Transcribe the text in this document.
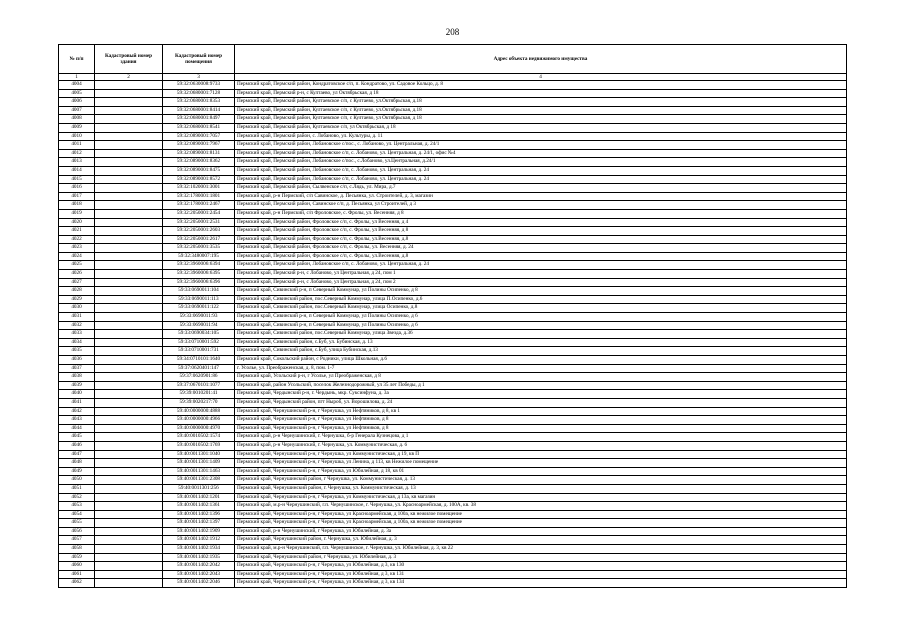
208
№ п/п	Кадастровый номер здания	Кадастровый номер помещения	Адрес объекта недвижимого имущества
1	2	3	4
4004		59:32:0630008:9733	Пермский край, Пермский район, Кондратовское с/п, п. Кондратово, ул. Садовое Кольцо, д. 8
4005		59:32:0680001:7128	Пермский край, Пермский р-н, с Култаево, ул Октябрьская, д 18
4006		59:32:0680001:8353	Пермский край, Пермский район, Култаевское с/п, с Култаево, ул.Октябрьская, д.18
4007		59:32:0680001:8414	Пермский край, Пермский район, Култаевское с/п, с Култаево, ул.Октябрьская, д.18
4008		59:32:0680001:8497	Пермский край, Пермский район, Култаевское с/п, с Култаево, ул Октябрьская, д 18
4009		59:32:0680001:8541	Пермский край, Пермский район, Култаевское с/п, ул Октябрьская, д 18
4010		59:32:0890001:7057	Пермский край, Пермский район, с. Лобаново, ул. Культуры, д. 11
4011		59:32:0890001:7967	Пермский край, Пермский район, Лобановское с/пос., с. Лобаново, ул. Центральная, д. 24/1
4012		59:32:0890001:8131	Пермский край, Пермский район, Лобановское с/п, с. Лобаново, ул. Центральная, д. 24/1, офис №4
4013		59:32:0890001:8362	Пермский край, Пермский район, Лобановское с/пос., с.Лобаново, ул.Центральная, д.24/1
4014		59:32:0890001:8475	Пермский край, Пермский район, Лобановское с/п, с. Лобаново, ул. Центральная, д. 24
4015		59:32:0890001:8572	Пермский край, Пермский район, Лобановское с/п, с. Лобаново, ул. Центральная, д. 24
4016		59:32:1020001:3001	Пермский край, Пермский район, Сылвенское с/п, с.Лядь, ул. Мира, д.7
4017		59:32:1780001:1801	Пермский край, р-н Пермский, с/п Савинское, д. Песьянка, ул. Строителей, д. 3, магазин
4018		59:32:1780001:2467	Пермский край, Пермский район, Савинское с/п, д. Песьянка, ул Строителей, д 3
4019		59:32:2050001:2454	Пермский край, р-н Пермский, с/п Фроловское, с. Фролы, ул. Весенняя, д 8
4020		59:32:2050001:2531	Пермский край, Пермский район, Фроловское с/п, с. Фролы, ул Весенняя, д 4
4021		59:32:2050001:2603	Пермский край, Пермский район, Фроловское с/п, с. Фролы, ул Весенняя, д 8
4022		59:32:2050001:2617	Пермский край, Пермский район, Фроловское с/п, с. Фролы, ул.Весенняя, д.8
4023		59:32:2050001:3535	Пермский край, Пермский район, Фроловское с/п, с. Фролы, ул. Весенняя, д. 24
4024		59:32:3480007:195	Пермский край, Пермский район, Фроловское с/п, с. Фролы, ул.Весенняя, д.8
4025		59:32:3960006:6394	Пермский край, Пермский район, Лобановское с/п, с. Лобаново, ул. Центральная, д. 24
4026		59:32:3960006:6395	Пермский край, Пермский р-н, с Лобаново, ул Центральная, д 24, пом 1
4027		59:32:3960006:6396	Пермский край, Пермский р-н, с Лобаново, ул Центральная, д 24, пом 2
4028		59:33:0690011:104	Пермский край, Сивинский р-н, п Северный Коммунар, ул Полины Осипенко, д 8
4029		59:33:0690011:113	Пермский край, Сивинский район, пос.Северный Коммунар, улица П.Осипенко, д.6
4030		59:33:0690011:122	Пермский край, Сивинский район, пос.Северный Коммунар, улица Осипенко, д.8
4031		59:33:0690011:93	Пермский край, Сивинский р-н, п Северный Коммунар, ул Полины Осипенко, д 6
4032		59:33:0690011:94	Пермский край, Сивинский р-н, п Северный Коммунар, ул Полины Осипенко, д 6
4033		59:33:0690034:105	Пермский край, Сивинский район, пос.Северный Коммунар, улица Звезда, д.36
4034		59:33:0710001:592	Пермский край, Сивинский район, с.Буб, ул. Бубинская, д. 13
4035		59:33:0710001:731	Пермский край, Сивинский район, с.Буб, улица Бубинская, д.13
4036		59:34:0710101:1640	Пермский край, Сокольский район, с Родники, улица Школьная, д.6
4037		59:37:0620401:147	г. Усолье, ул. Преображенская, д. 8, пом. 1-7
4038		59:37:0620901:86	Пермский край, Усольский р-н, г Усолье, ул Преображенская, д 8
4039		59:37:0670101:1077	Пермский край, район Усольский, поселок Железнодорожный, ул 35 лет Победы, д 1
4040		59:39:0010201:41	Пермский край, Чердынский р-н, г. Чердынь, мкр. Суксинфуна, д. 3а
4041		59:39:0020217:70	Пермский край, Чердынский район, пгт Ныроб, ул. Ворошилова, д. 24
4042		59:40:0000000:4888	Пермский край, Чернушинский р-н, г Чернушка, ул Нефтяников, д 8, кв 1
4043		59:40:0000000:4966	Пермский край, Чернушинский р-н, г Чернушка, ул Нефтяников, д 8
4044		59:40:0000000:4970	Пермский край, Чернушинский р-н, г Чернушка, ул Нефтяников, д 8
4045		59:40:0010502:1574	Пермский край, р-н Чернушинский, г. Чернушка, б-р Генерала Кузнецова, д 1
4046		59:40:0010502:1769	Пермский край, р-н Чернушинский, г. Чернушка, ул. Коммунистическая, д. 6
4047		59:40:0011301:1040	Пермский край, Чернушинский р-н, г Чернушка, ул Коммунистическая, д 19, кв П
4048		59:40:0011301:1409	Пермский край, Чернушинский р-н, г Чернушка, ул Ленина, д 113, кв Нежилое помещение
4049		59:40:0011301:1463	Пермский край, Чернушинский р-н, г Чернушка, ул Юбилейная, д 18, кв 01
4050		59:40:0011301:2308	Пермский край, Чернушинский район, г Чернушка, ул. Коммунистическая, д. 13
4051		59:40:0011301:256	Пермский край, Чернушинский район, г. Чернушка, ул. Коммунистическая, д. 13
4052		59:40:0011402:1201	Пермский край, Чернушинский р-н, г Чернушка, ул Коммунистическая, д 13а, кв магазин
4053		59:40:0011402:1361	Пермский край, м.р-н Чернушинский, г.п. Чернушинское, г. Чернушка, ул. Красноармейская, д. 100А, кв. 38
4054		59:40:0011402:1396	Пермский край, Чернушинский р-н, г Чернушка, ул Красноармейская, д 100а, кв нежилое помещение
4055		59:40:0011402:1397	Пермский край, Чернушинский р-н, г Чернушка, ул Красноармейская, д 100а, кв нежилое помещение
4056		59:40:0011402:1909	Пермский край, р-н Чернушинский, г Чернушка, ул Юбилейная, д. 3а
4057		59:40:0011402:1912	Пермский край, Чернушинский район, г. Чернушка, ул. Юбилейная, д. 3
4058		59:40:0011402:1934	Пермский край, м.р-н Чернушинский, г.п. Чернушинское, г. Чернушка, ул. Юбилейная, д. 3, кв 22
4059		59:40:0011402:1935	Пермский край, Чернушинский район, г Чернушка, ул. Юбилейная, д. 3
4060		59:40:0011402:2042	Пермский край, Чернушинский р-н, г Чернушка, ул Юбилейная, д 3, кв 130
4061		59:40:0011402:2043	Пермский край, Чернушинский р-н, г Чернушка, ул Юбилейная, д 3, кв 131
4062		59:40:0011402:2046	Пермский край, Чернушинский р-н, г Чернушка, ул Юбилейная, д 3, кв 134
